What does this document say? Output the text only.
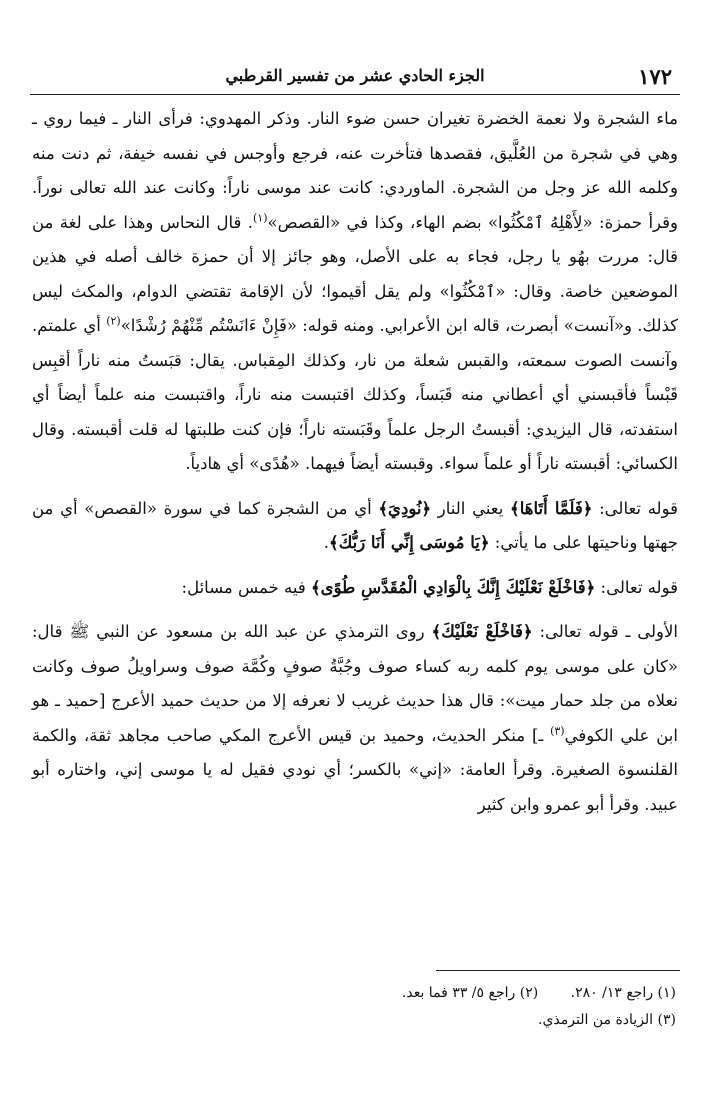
١٧٢
الجزء الحادي عشر من تفسير القرطبي

ماء الشجرة ولا نعمة الخضرة تغيران حسن ضوء النار. وذكر المهدوي: فرأى النار ـ فيما روي ـ وهي في شجرة من العُلَّيق، فقصدها فتأخرت عنه، فرجع وأوجس في نفسه خيفة، ثم دنت منه وكلمه الله عز وجل من الشجرة. الماوردي: كانت عند موسى ناراً: وكانت عند الله تعالى نوراً. وقرأ حمزة: «لِأَهْلِهُ ٱمْكُثُوا» بضم الهاء، وكذا في «القصص»$^{(١)}$. قال النحاس وهذا على لغة من قال: مررت بهُو يا رجل، فجاء به على الأصل، وهو جائز إلا أن حمزة خالف أصله في هذين الموضعين خاصة. وقال: «ٱمْكُثُوا» ولم يقل أقيموا؛ لأن الإقامة تقتضي الدوام، والمكث ليس كذلك. و«آنست» أبصرت، قاله ابن الأعرابي. ومنه قوله: «فَإِنْ ءَانَسْتُم مِّنْهُمْ رُشْدًا»$^{(٢)}$ أي علمتم. وآنست الصوت سمعته، والقبس شعلة من نار، وكذلك المِقباس. يقال: قبَستُ منه ناراً أقبِس قَبْساً فأقبسني أي أعطاني منه قَبَساً، وكذلك اقتبست منه ناراً، واقتبست منه علماً أيضاً أي استفدته، قال اليزيدي: أقبستُ الرجل علماً وقَبَسته ناراً؛ فإن كنت طلبتها له قلت أقبسته. وقال الكسائي: أقبسته ناراً أو علماً سواء. وقبسته أيضاً فيهما. «هُدًى» أي هادياً.

قوله تعالى: ﴿فَلَمَّا أَتَاهَا﴾ يعني النار ﴿نُودِيَ﴾ أي من الشجرة كما في سورة «القصص» أي من جهتها وناحيتها على ما يأتي: ﴿يَا مُوسَى إِنِّي أَنَا رَبُّكَ﴾.

قوله تعالى: ﴿فَاخْلَعْ نَعْلَيْكَ إِنَّكَ بِالْوَادِي الْمُقَدَّسِ طُوًى﴾ فيه خمس مسائل:

الأولى ـ قوله تعالى: ﴿فَاخْلَعْ نَعْلَيْكَ﴾ روى الترمذي عن عبد الله بن مسعود عن النبي ﷺ قال: «كان على موسى يوم كلمه ربه كساء صوف وجُبَّةُ صوفٍ وكُمَّة صوف وسراويلُ صوف وكانت نعلاه من جلد حمار ميت»: قال هذا حديث غريب لا نعرفه إلا من حديث حميد الأعرج [حميد ـ هو ابن علي الكوفي$^{(٣)}$ ـ] منكر الحديث، وحميد بن قيس الأعرج المكي صاحب مجاهد ثقة، والكمة القلنسوة الصغيرة. وقرأ العامة: «إني» بالكسر؛ أي نودي فقيل له يا موسى إني، واختاره أبو عبيد. وقرأ أبو عمرو وابن كثير

(١) راجع ١٣/ ٢٨٠. (٢) راجع ٥/ ٣٣ فما بعد.
(٣) الزيادة من الترمذي.
